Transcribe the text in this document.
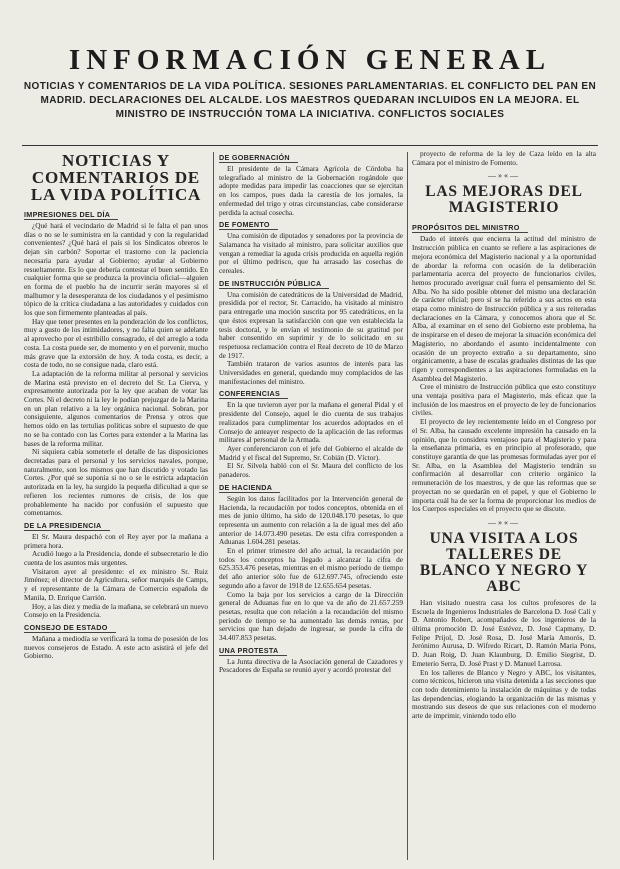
INFORMACIÓN GENERAL
NOTICIAS Y COMENTARIOS DE LA VIDA POLÍTICA. SESIONES PARLAMENTARIAS. EL CONFLICTO DEL PAN EN MADRID. DECLARACIONES DEL ALCALDE. LOS MAESTROS QUEDARAN INCLUIDOS EN LA MEJORA. EL MINISTRO DE INSTRUCCIÓN TOMA LA INICIATIVA. CONFLICTOS SOCIALES
NOTICIAS Y COMENTARIOS DE LA VIDA POLÍTICA
IMPRESIONES DEL DÍA

¿Qué hará el vecindario de Madrid si le falta el pan unos días o no se le suministra en la cantidad y con la regularidad convenientes? ¿Qué hará el país si los Sindicatos obreros le dejan sin carbón? Soportar el trastorno con la paciencia necesaria para ayudar al Gobierno; ayudar al Gobierno resueltamente. Es lo que debería contestar el buen sentido. En cualquier forma que se produzca la provincia oficial—alguien en forma de el pueblo ha de incurrir serán mayores si el malhumor y la desesperanza de los ciudadanos y el pesimismo tópico de la crítica ciudadana a las autoridades y cuidados con los que son firmemente planteadas al país.

Hay que tener presentes en la ponderación de los conflictos, muy a gusto de los intimidadores, y no falta quien se adelante al aprovecho por el estribillo consagrado, el del arreglo a toda costa. La costa puede ser, de momento y en el porvenir, mucho más grave que la extorsión de hoy. A toda costa, es decir, a costa de todo, no se consigue nada, claro está.

La adaptación de la reforma militar al personal y servicios de Marina está previsto en el decreto del Sr. La Cierva, y expresamente autorizada por la ley que acaban de votar las Cortes. Ni el decreto ni la ley le podían prejuzgar de la Marina en un plan relativo a la ley orgánica nacional. Sobran, por consiguiente, algunos comentarios de Prensa y otros que hemos oído en las tertulias políticas sobre el supuesto de que no se ha contado con las Cortes para extender a la Marina las bases de la reforma militar.

Ni siquiera cabía someterle el detalle de las disposiciones decretadas para el personal y los servicios navales, porque, naturalmente, son los mismos que han discutido y votado las Cortes. ¿Por qué se suponía si no o se le estricta adaptación autorizada en la ley, ha surgido la pequeña dificultad a que se refieren los recientes rumores de crisis, de los que probablemente ha nacido por confusión el supuesto que comentamos.

DE LA PRESIDENCIA

El Sr. Maura despachó con el Rey ayer por la mañana a primera hora.

Acudió luego a la Presidencia, donde el subsecretario le dio cuenta de los asuntos más urgentes.

Visitaron ayer al presidente: el ex ministro Sr. Ruiz Jiménez; el director de Agricultura, señor marqués de Camps, y el representante de la Cámara de Comercio española de Manila, D. Enrique Carrión.

Hoy, a las diez y media de la mañana, se celebrará un nuevo Consejo en la Presidencia.

CONSEJO DE ESTADO

Mañana a mediodía se verificará la toma de posesión de los nuevos consejeros de Estado. A este acto asistirá el jefe del Gobierno.

DE GOBERNACIÓN

El presidente de la Cámara Agrícola de Córdoba ha telegrafiado al ministro de la Gobernación rogándole que adopte medidas para impedir las coacciones que se ejercitan en los campos, pues dada la carestía de los jornales, la enfermedad del trigo y otras circunstancias, cabe considerarse perdida la actual cosecha.

DE FOMENTO

Una comisión de diputados y senadores por la provincia de Salamanca ha visitado al ministro, para solicitar auxilios que vengan a remediar la aguda crisis producida en aquella región por el último pedrisco, que ha arrasado las cosechas de cereales.

DE INSTRUCCIÓN PÚBLICA

Una comisión de catedráticos de la Universidad de Madrid, presidida por el rector, Sr. Carracido, ha visitado al ministro para entregarle una moción suscrita por 95 catedráticos, en la que éstos expresan la satisfacción con que ven establecida la tesis doctoral, y le envían el testimonio de su gratitud por haber consentido en suprimir y de lo solicitado en su respetuosa reclamación contra el Real decreto de 10 de Marzo de 1917.

También trataron de varios asuntos de interés para las Universidades en general, quedando muy complacidos de las manifestaciones del ministro.

CONFERENCIAS

En la que tuvieron ayer por la mañana el general Pidal y el presidente del Consejo, aquel le dio cuenta de sus trabajos realizados para cumplimentar los acuerdos adoptados en el Consejo de anteayer respecto de la aplicación de las reformas militares al personal de la Armada.

Ayer conferenciaron con el jefe del Gobierno el alcalde de Madrid y el fiscal del Supremo, Sr. Cobián (D. Víctor).

El Sr. Silvela habló con el Sr. Maura del conflicto de los panaderos.

DE HACIENDA

Según los datos facilitados por la Intervención general de Hacienda, la recaudación por todos conceptos, obtenida en el mes de junio último, ha sido de 120.048.170 pesetas, lo que representa un aumento con relación a la de igual mes del año anterior de 14.073.490 pesetas. De esta cifra corresponden a Aduanas 1.604.281 pesetas.

En el primer trimestre del año actual, la recaudación por todos los conceptos ha llegado a alcanzar la cifra de 625.353.476 pesetas, mientras en el mismo período de tiempo del año anterior sólo fue de 612.697.745, ofreciendo este segundo año a favor de 1918 de 12.655.654 pesetas.

Como la baja por los servicios a cargo de la Dirección general de Aduanas fue en lo que va de año de 21.657.259 pesetas, resulta que con relación a la recaudación del mismo período de tiempo se ha aumentado las demás rentas, por servicios que han dejado de ingresar, se puede la cifra de 34.407.853 pesetas.

UNA PROTESTA

La Junta directiva de la Asociación general de Cazadores y Pescadores de España se reunió ayer y acordó protestar del

proyecto de reforma de la ley de Caza leído en la alta Cámara por el ministro de Fomento.

—»«—
LAS MEJORAS DEL MAGISTERIO
PROPÓSITOS DEL MINISTRO

Dado el interés que encierra la actitud del ministro de Instrucción pública en cuanto se refiere a las aspiraciones de mejora económica del Magisterio nacional y a la oportunidad de abordar la reforma con ocasión de la deliberación parlamentaria acerca del proyecto de funcionarios civiles, hemos procurado averiguar cuál fuera el pensamiento del Sr. Alba. No ha sido posible obtener del mismo una declaración de carácter oficial; pero sí se ha referido a sus actos en esta etapa como ministro de Instrucción pública y a sus reiteradas declaraciones en la Cámara, y conocemos ahora que el Sr. Alba, al examinar en el seno del Gobierno este problema, ha de inspirarse en el deseo de mejorar la situación económica del Magisterio, no abordando el asunto incidentalmente con ocasión de un proyecto extraño a su departamento, sino orgánicamente, a base de escalas graduales distintas de las que rigen y correspondientes a las aspiraciones formuladas en la Asamblea del Magisterio.

Cree el ministro de Instrucción pública que esto constituye una ventaja positiva para el Magisterio, más eficaz que la inclusión de los maestros en el proyecto de ley de funcionarios civiles.

El proyecto de ley recientemente leído en el Congreso por el Sr. Alba, ha causado excelente impresión ha causado en la opinión, que lo considera ventajoso para el Magisterio y para la enseñanza primaria, es en principio al profesorado, que constituye garantía de que las promesas formuladas ayer por el Sr. Alba, en la Asamblea del Magisterio tendrán su confirmación al desarrollar con criterio orgánico la remuneración de los maestros, y de que las reformas que se proyectan no se quedarán en el papel, y que el Gobierno le importa cuál ha de ser la forma de proporcionar los medios de los Cuerpos especiales en el proyecto que se discute.

—»«—
UNA VISITA A LOS TALLERES DE BLANCO Y NEGRO Y ABC

Han visitado nuestra casa los cultos profesores de la Escuela de Ingenieros Industriales de Barcelona D. José Calí y D. Antonio Robert, acompañados de los ingenieros de la última promoción D. José Estévez, D. José Capmany, D. Felipe Prijol, D. José Rosa, D. José María Amorós, D. Jerónimo Aurusa, D. Wifredo Ricart, D. Ramón Maria Pons, D. Juan Roig, D. Juan Klaunburg, D. Emilio Siegrist, D. Emeterio Serra, D. José Prast y D. Manuel Larrosa.

En los talleres de Blanco y Negro y ABC, los visitantes, como técnicos, hicieron una visita detenida a las secciones que con todo detenimiento la instalación de máquinas y de todas las dependencias, elogiando la organización de las mismas y mostrando sus deseos de que sus relaciones con el moderno arte de imprimir, viniendo todo ello
